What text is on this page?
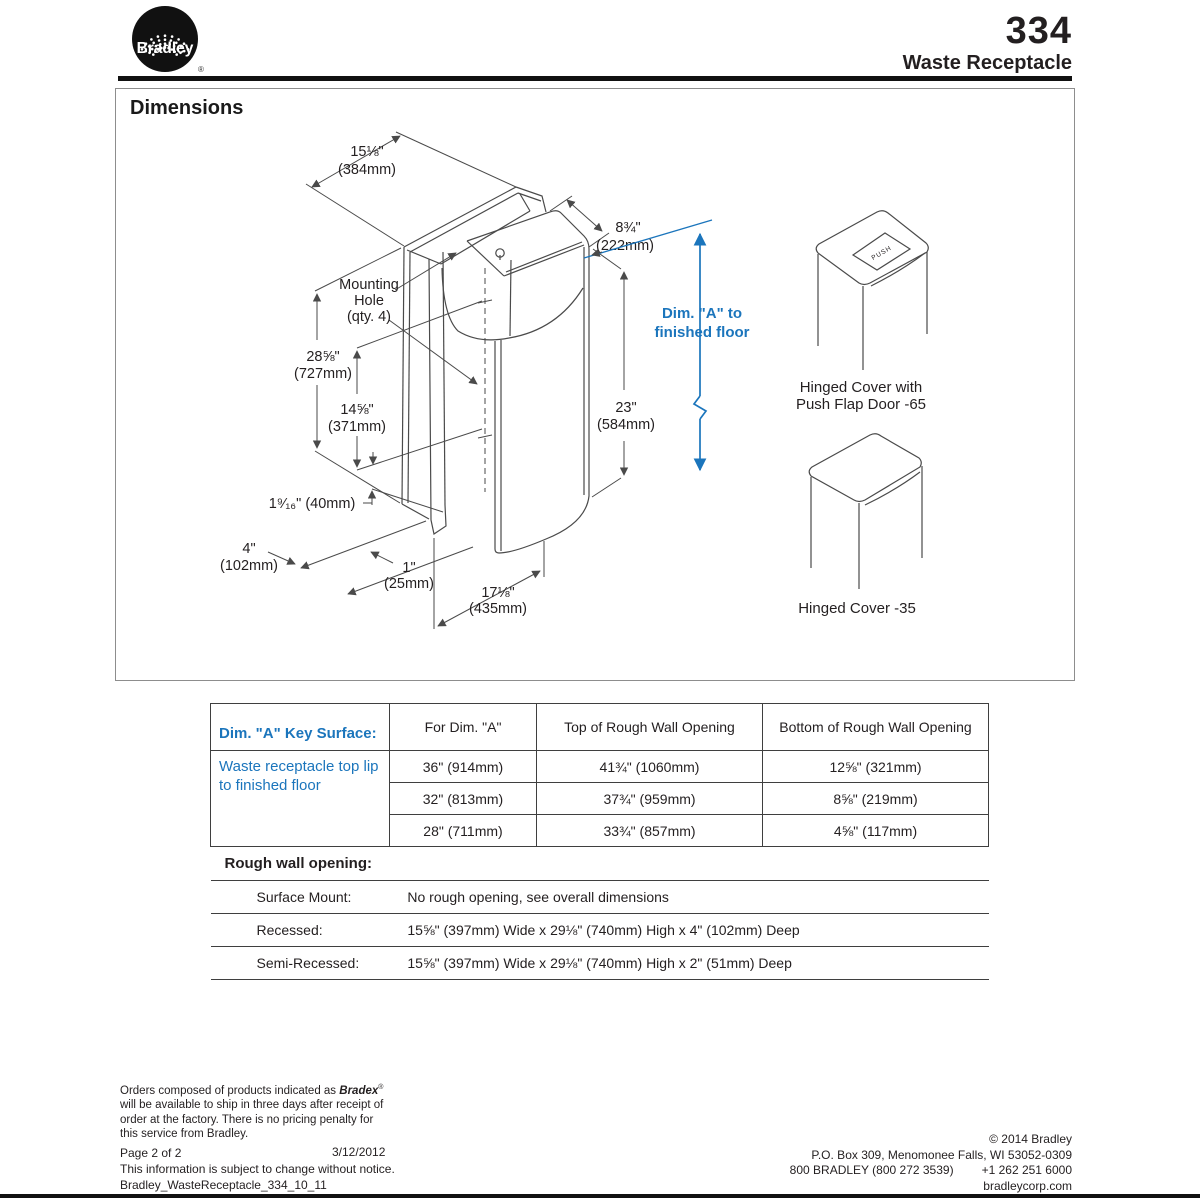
Bradley
®
334
Waste Receptacle
Dimensions
15⅛"
(384mm)
8¾"
(222mm)
Mounting
Hole
(qty. 4)
28⅝"
(727mm)
14⅝"
(371mm)
1⁹⁄₁₆" (40mm)
4"
(102mm)	1"
(25mm)
17⅛"
(435mm)
23"
(584mm)
Dim. "A" to
finished floor
PUSH
Hinged Cover with
Push Flap Door -65
Hinged Cover -35
Dim. "A" Key Surface:	For Dim. "A"	Top of Rough Wall Opening	Bottom of Rough Wall Opening
Waste receptacle top lip to finished floor	36" (914mm)	41¾" (1060mm)	12⅝" (321mm)
	32" (813mm)	37¾" (959mm)	8⅝" (219mm)
	28" (711mm)	33¾" (857mm)	4⅝" (117mm)
Rough wall opening:			
Surface Mount: No rough opening, see overall dimensions			
Recessed: 15⅝" (397mm) Wide x 29⅛" (740mm) High x 4" (102mm) Deep			
Semi-Recessed: 15⅝" (397mm) Wide x 29⅛" (740mm) High x 2" (51mm) Deep			
Orders composed of products indicated as Bradex®
will be available to ship in three days after receipt of
order at the factory. There is no pricing penalty for
this service from Bradley.
Page 2 of 2
This information is subject to change without notice.
Bradley_WasteReceptacle_334_10_11
3/12/2012
© 2014 Bradley
P.O. Box 309, Menomonee Falls, WI 53052-0309
800 BRADLEY (800 272 3539) +1 262 251 6000
bradleycorp.com
